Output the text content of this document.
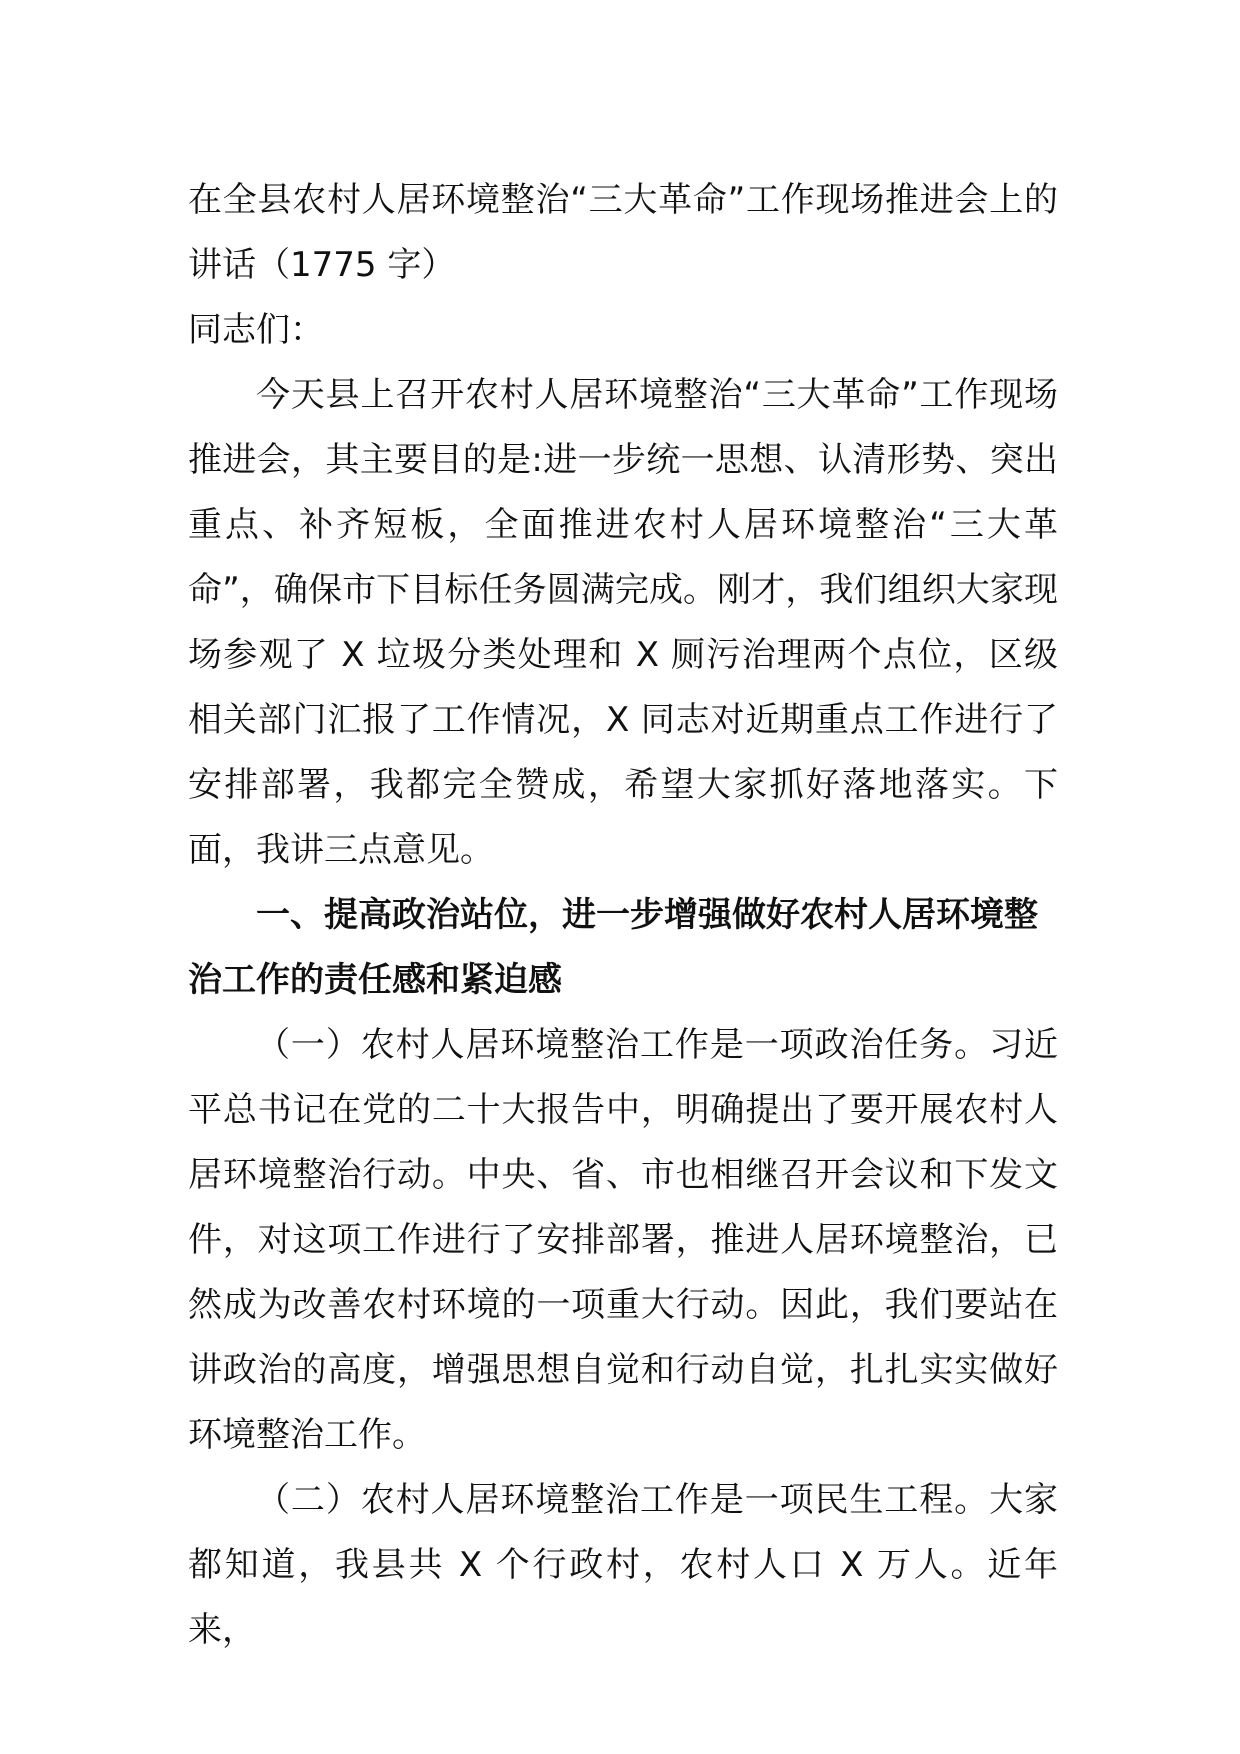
在全县农村人居环境整治“三大革命”工作现场推进会上的讲话（1775 字）

同志们：

今天县上召开农村人居环境整治“三大革命”工作现场推进会，其主要目的是:进一步统一思想、认清形势、突出重点、补齐短板，全面推进农村人居环境整治“三大革命”，确保市下目标任务圆满完成。刚才，我们组织大家现场参观了 X 垃圾分类处理和 X 厕污治理两个点位，区级相关部门汇报了工作情况，X 同志对近期重点工作进行了安排部署，我都完全赞成，希望大家抓好落地落实。下面，我讲三点意见。

一、提高政治站位，进一步增强做好农村人居环境整治工作的责任感和紧迫感

（一）农村人居环境整治工作是一项政治任务。习近平总书记在党的二十大报告中，明确提出了要开展农村人居环境整治行动。中央、省、市也相继召开会议和下发文件，对这项工作进行了安排部署，推进人居环境整治，已然成为改善农村环境的一项重大行动。因此，我们要站在讲政治的高度，增强思想自觉和行动自觉，扎扎实实做好环境整治工作。

（二）农村人居环境整治工作是一项民生工程。大家都知道，我县共 X 个行政村，农村人口 X 万人。近年来，
